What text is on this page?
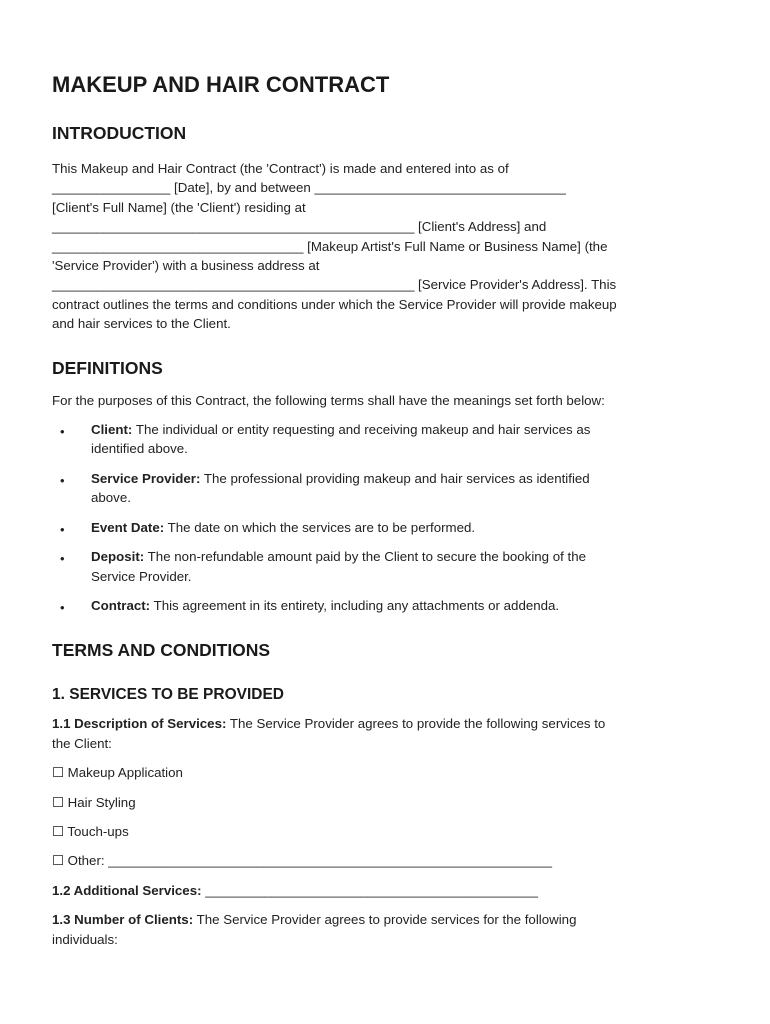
MAKEUP AND HAIR CONTRACT
INTRODUCTION
This Makeup and Hair Contract (the 'Contract') is made and entered into as of
________________ [Date], by and between __________________________________
[Client's Full Name] (the 'Client') residing at
_________________________________________________ [Client's Address] and
__________________________________ [Makeup Artist's Full Name or Business Name] (the
'Service Provider') with a business address at
_________________________________________________ [Service Provider's Address]. This
contract outlines the terms and conditions under which the Service Provider will provide makeup
and hair services to the Client.
DEFINITIONS

For the purposes of this Contract, the following terms shall have the meanings set forth below:

• Client: The individual or entity requesting and receiving makeup and hair services as
identified above.
• Service Provider: The professional providing makeup and hair services as identified
above.
• Event Date: The date on which the services are to be performed.
• Deposit: The non-refundable amount paid by the Client to secure the booking of the
Service Provider.
• Contract: This agreement in its entirety, including any attachments or addenda.
TERMS AND CONDITIONS
1. SERVICES TO BE PROVIDED
1.1 Description of Services: The Service Provider agrees to provide the following services to
the Client:
☐ Makeup Application
☐ Hair Styling
☐ Touch-ups
☐ Other: ____________________________________________________________
1.2 Additional Services: _____________________________________________
1.3 Number of Clients: The Service Provider agrees to provide services for the following
individuals:
